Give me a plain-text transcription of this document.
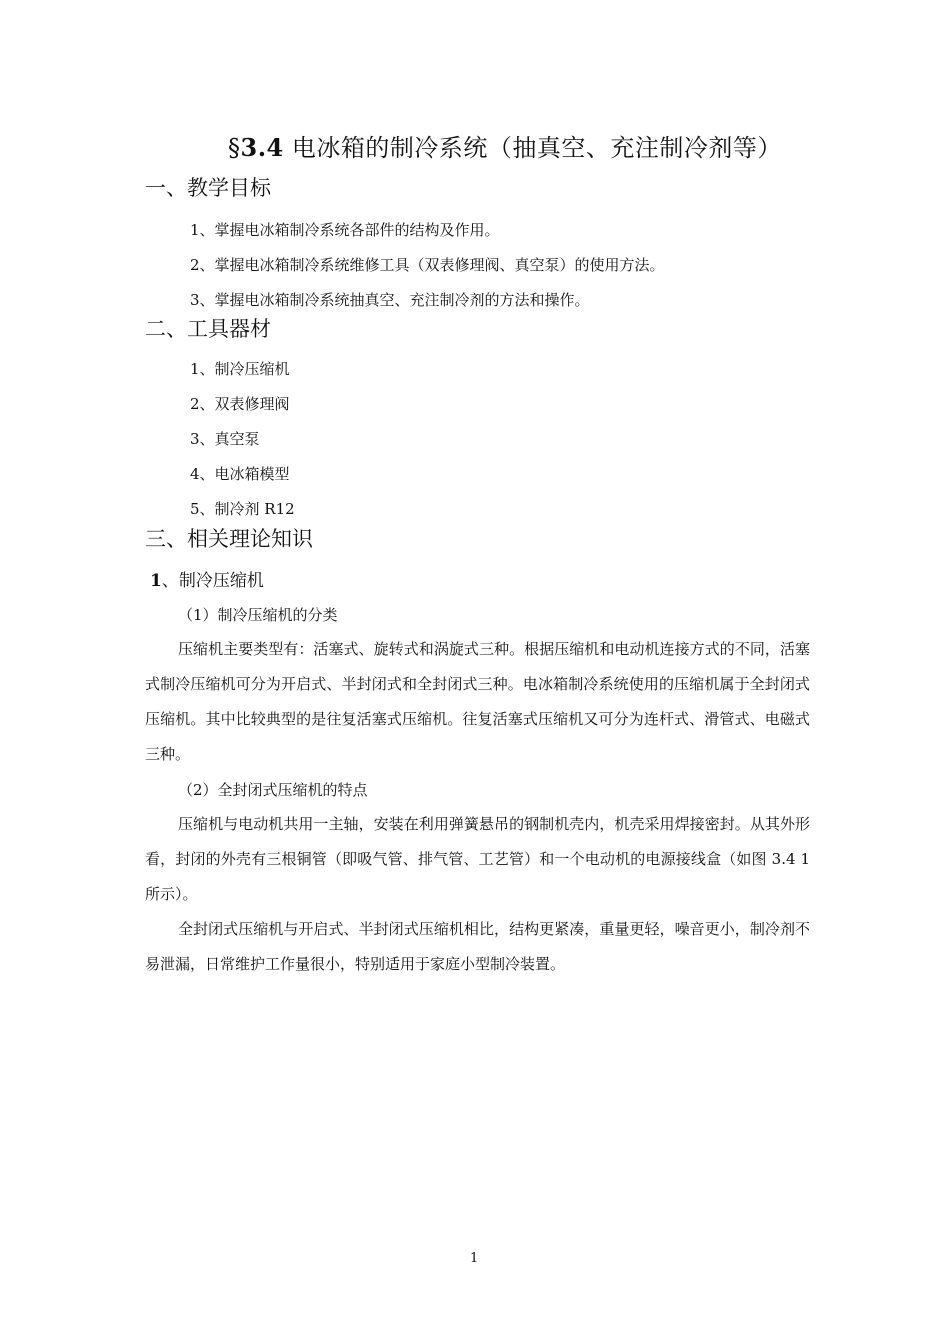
§3.4 电冰箱的制冷系统（抽真空、充注制冷剂等）
一、教学目标
1、掌握电冰箱制冷系统各部件的结构及作用。
2、掌握电冰箱制冷系统维修工具（双表修理阀、真空泵）的使用方法。
3、掌握电冰箱制冷系统抽真空、充注制冷剂的方法和操作。
二、工具器材
1、制冷压缩机
2、双表修理阀
3、真空泵
4、电冰箱模型
5、制冷剂 R12
三、相关理论知识
1、制冷压缩机
（1）制冷压缩机的分类
压缩机主要类型有：活塞式、旋转式和涡旋式三种。根据压缩机和电动机连接方式的不同，活塞式制冷压缩机可分为开启式、半封闭式和全封闭式三种。电冰箱制冷系统使用的压缩机属于全封闭式压缩机。其中比较典型的是往复活塞式压缩机。往复活塞式压缩机又可分为连杆式、滑管式、电磁式三种。
（2）全封闭式压缩机的特点
压缩机与电动机共用一主轴，安装在利用弹簧悬吊的钢制机壳内，机壳采用焊接密封。从其外形看，封闭的外壳有三根铜管（即吸气管、排气管、工艺管）和一个电动机的电源接线盒（如图 3.4 1 所示）。
全封闭式压缩机与开启式、半封闭式压缩机相比，结构更紧凑，重量更轻，噪音更小，制冷剂不易泄漏，日常维护工作量很小，特别适用于家庭小型制冷装置。
1
